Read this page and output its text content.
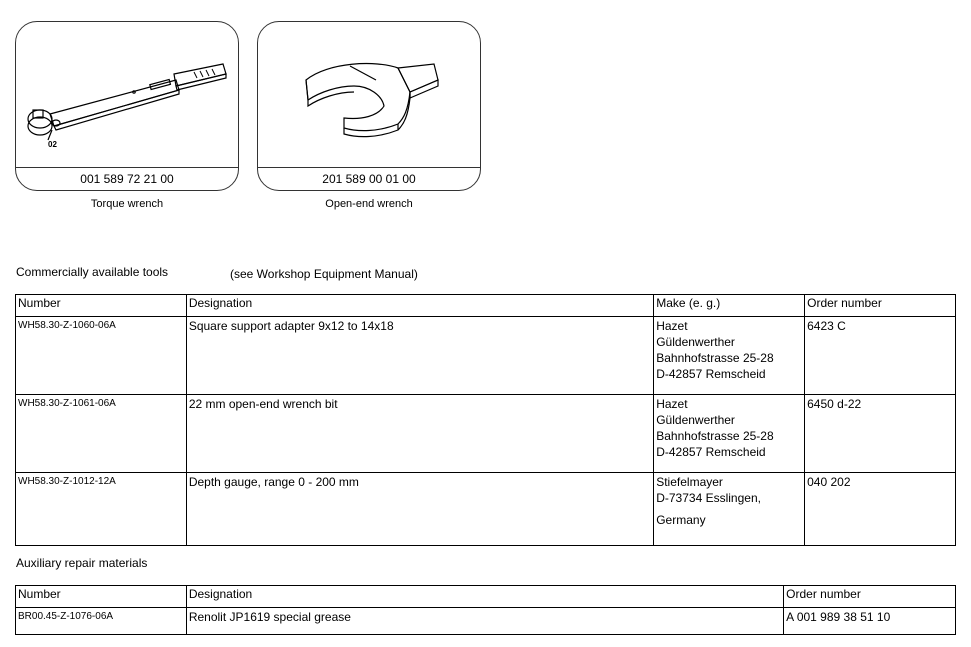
02
001 589 72 21 00
Torque wrench
201 589 00 01 00
Open-end wrench
Commercially available tools	(see Workshop Equipment Manual)
Number	Designation	Make (e. g.)	Order number
WH58.30-Z-1060-06A	Square support adapter 9x12 to 14x18	Hazet
Güldenwerther
Bahnhofstrasse 25-28
D-42857 Remscheid	6423 C
WH58.30-Z-1061-06A	22 mm open-end wrench bit	Hazet
Güldenwerther
Bahnhofstrasse 25-28
D-42857 Remscheid	6450 d-22
WH58.30-Z-1012-12A	Depth gauge, range 0 - 200 mm	Stiefelmayer
D-73734 Esslingen,
Germany	040 202
Auxiliary repair materials
Number	Designation	Order number
BR00.45-Z-1076-06A	Renolit JP1619 special grease	A 001 989 38 51 10
